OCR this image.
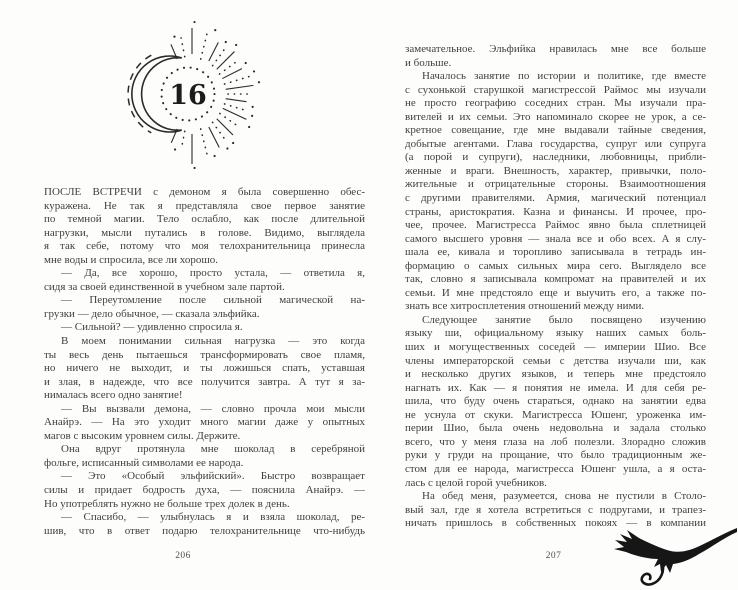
16
ПОСЛЕ ВСТРЕЧИ с демоном я была совершенно обес-
куражена. Не так я представляла свое первое занятие
по темной магии. Тело ослабло, как после длительной
нагрузки, мысли путались в голове. Видимо, выглядела
я так себе, потому что моя телохранительница принесла
мне воды и спросила, все ли хорошо.
— Да, все хорошо, просто устала, — ответила я,
сидя за своей единственной в учебном зале партой.
— Переутомление после сильной магической на-
грузки — дело обычное, — сказала эльфийка.
— Сильной? — удивленно спросила я.
В моем понимании сильная нагрузка — это когда
ты весь день пытаешься трансформировать свое пламя,
но ничего не выходит, и ты ложишься спать, уставшая
и злая, в надежде, что все получится завтра. А тут я за-
нималась всего одно занятие!
— Вы вызвали демона, — словно прочла мои мысли
Анайрэ. — На это уходит много магии даже у опытных
магов с высоким уровнем силы. Держите.
Она вдруг протянула мне шоколад в серебряной
фольге, исписанный символами ее народа.
— Это «Особый эльфийский». Быстро возвращает
силы и придает бодрость духа, — пояснила Анайрэ. —
Но употреблять нужно не больше трех долек в день.
— Спасибо, — улыбнулась я и взяла шоколад, ре-
шив, что в ответ подарю телохранительнице что-нибудь
206
замечательное. Эльфийка нравилась мне все больше
и больше.
Началось занятие по истории и политике, где вместе
с сухонькой старушкой магистрессой Раймос мы изучали
не просто географию соседних стран. Мы изучали пра-
вителей и их семьи. Это напоминало скорее не урок, а се-
кретное совещание, где мне выдавали тайные сведения,
добытые агентами. Глава государства, супруг или супруга
(а порой и супруги), наследники, любовницы, прибли-
женные и враги. Внешность, характер, привычки, поло-
жительные и отрицательные стороны. Взаимоотношения
с другими правителями. Армия, магический потенциал
страны, аристократия. Казна и финансы. И прочее, про-
чее, прочее. Магистресса Раймос явно была сплетницей
самого высшего уровня — знала все и обо всех. А я слу-
шала ее, кивала и торопливо записывала в тетрадь ин-
формацию о самых сильных мира сего. Выглядело все
так, словно я записывала компромат на правителей и их
семьи. И мне предстояло еще и выучить его, а также по-
знать все хитросплетения отношений между ними.
Следующее занятие было посвящено изучению
языку ши, официальному языку наших самых боль-
ших и могущественных соседей — империи Шио. Все
члены императорской семьи с детства изучали ши, как
и несколько других языков, и теперь мне предстояло
нагнать их. Как — я понятия не имела. И для себя ре-
шила, что буду очень стараться, однако на занятии едва
не уснула от скуки. Магистресса Юшенг, уроженка им-
перии Шио, была очень недовольна и задала столько
всего, что у меня глаза на лоб полезли. Злорадно сложив
руки у груди на прощание, что было традиционным же-
стом для ее народа, магистресса Юшенг ушла, а я оста-
лась с целой горой учебников.
На обед меня, разумеется, снова не пустили в Столо-
вый зал, где я хотела встретиться с подругами, и трапез-
ничать пришлось в собственных покоях — в компании
207
